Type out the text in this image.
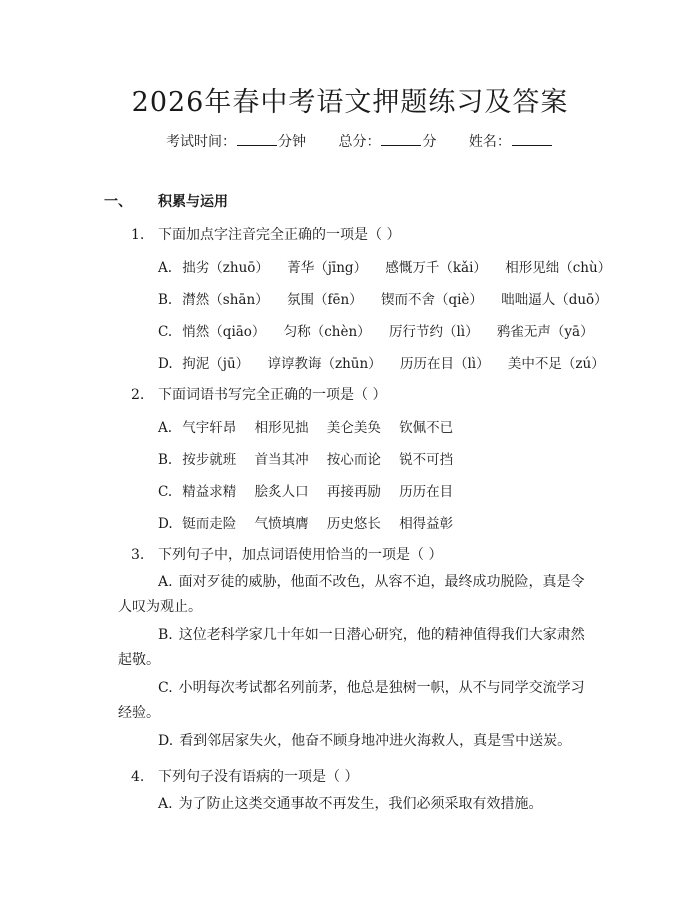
2026年春中考语文押题练习及答案
考试时间：	分钟 总分：	分 姓名：
一、 积累与运用
1. 下面加点字注音完全正确的一项是（ ）
A. 拙劣（zhuō） 菁华（jīng） 感慨万千（kǎi） 相形见绌（chù）
B. 潸然（shān） 氛围（fēn） 锲而不舍（qiè） 咄咄逼人（duō）
C. 悄然（qiāo） 匀称（chèn） 厉行节约（lì） 鸦雀无声（yā）
D. 拘泥（jū） 谆谆教诲（zhūn） 历历在目（lì） 美中不足（zú）
2. 下面词语书写完全正确的一项是（ ）
A. 气宇轩昂 相形见拙 美仑美奂 钦佩不已
B. 按步就班 首当其冲 按心而论 锐不可挡
C. 精益求精 脍炙人口 再接再励 历历在目
D. 铤而走险 气愤填膺 历史悠长 相得益彰
3. 下列句子中，加点词语使用恰当的一项是（ ）
A. 面对歹徒的威胁，他面不改色，从容不迫，最终成功脱险，真是令人叹为观止。
B. 这位老科学家几十年如一日潜心研究，他的精神值得我们大家肃然起敬。
C. 小明每次考试都名列前茅，他总是独树一帜，从不与同学交流学习经验。
D. 看到邻居家失火，他奋不顾身地冲进火海救人，真是雪中送炭。
4. 下列句子没有语病的一项是（ ）
A. 为了防止这类交通事故不再发生，我们必须采取有效措施。
